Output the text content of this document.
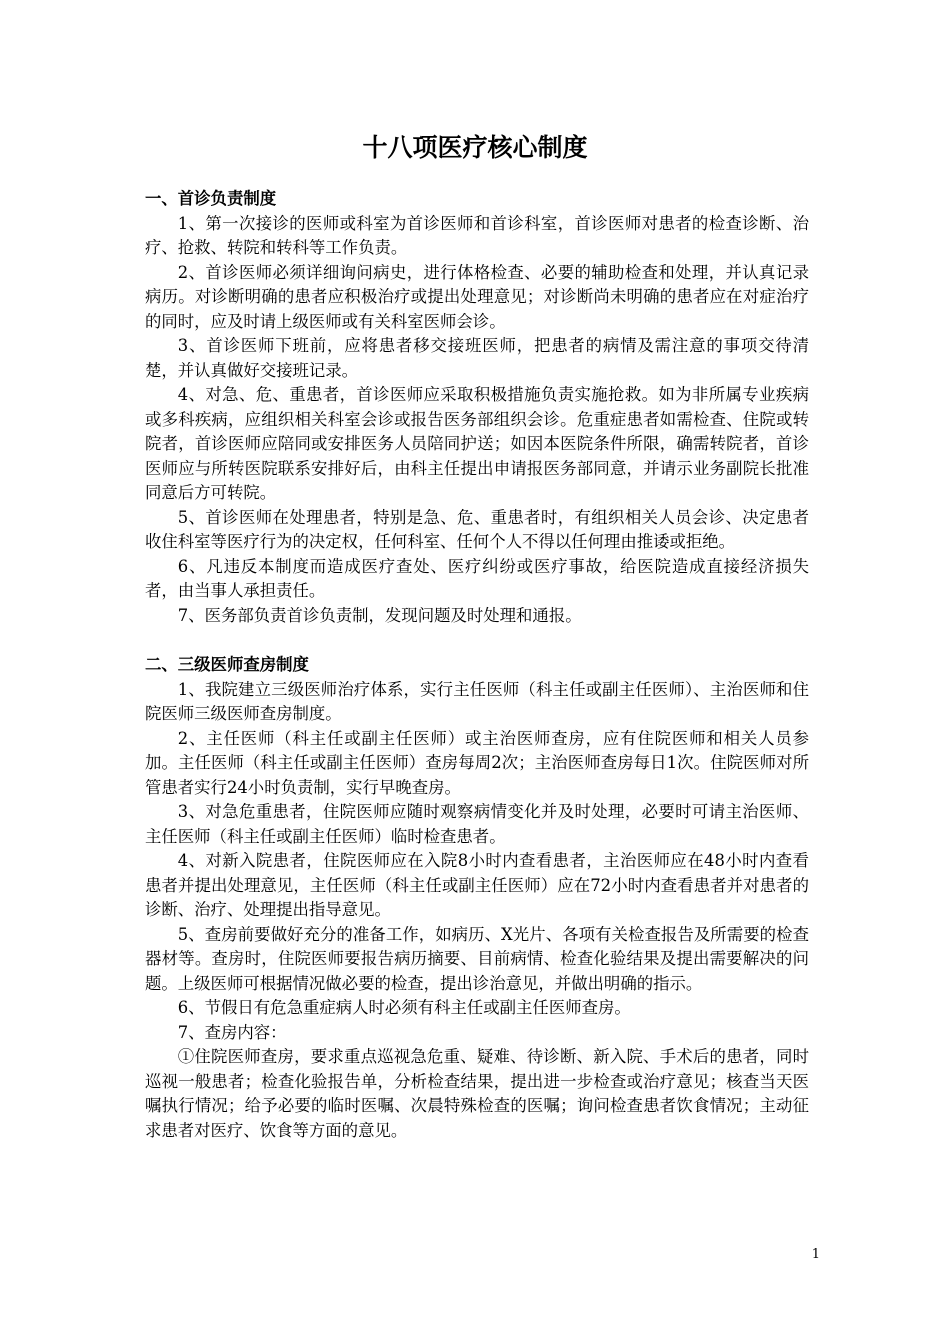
十八项医疗核心制度
一、首诊负责制度

1、第一次接诊的医师或科室为首诊医师和首诊科室，首诊医师对患者的检查诊断、治疗、抢救、转院和转科等工作负责。

2、首诊医师必须详细询问病史，进行体格检查、必要的辅助检查和处理，并认真记录病历。对诊断明确的患者应积极治疗或提出处理意见；对诊断尚未明确的患者应在对症治疗的同时，应及时请上级医师或有关科室医师会诊。

3、首诊医师下班前，应将患者移交接班医师，把患者的病情及需注意的事项交待清楚，并认真做好交接班记录。

4、对急、危、重患者，首诊医师应采取积极措施负责实施抢救。如为非所属专业疾病或多科疾病，应组织相关科室会诊或报告医务部组织会诊。危重症患者如需检查、住院或转院者，首诊医师应陪同或安排医务人员陪同护送；如因本医院条件所限，确需转院者，首诊医师应与所转医院联系安排好后，由科主任提出申请报医务部同意，并请示业务副院长批准同意后方可转院。

5、首诊医师在处理患者，特别是急、危、重患者时，有组织相关人员会诊、决定患者收住科室等医疗行为的决定权，任何科室、任何个人不得以任何理由推诿或拒绝。

6、凡违反本制度而造成医疗查处、医疗纠纷或医疗事故，给医院造成直接经济损失者，由当事人承担责任。

7、医务部负责首诊负责制，发现问题及时处理和通报。

二、三级医师查房制度

1、我院建立三级医师治疗体系，实行主任医师（科主任或副主任医师）、主治医师和住院医师三级医师查房制度。

2、主任医师（科主任或副主任医师）或主治医师查房，应有住院医师和相关人员参加。主任医师（科主任或副主任医师）查房每周2次；主治医师查房每日1次。住院医师对所管患者实行24小时负责制，实行早晚查房。

3、对急危重患者，住院医师应随时观察病情变化并及时处理，必要时可请主治医师、主任医师（科主任或副主任医师）临时检查患者。

4、对新入院患者，住院医师应在入院8小时内查看患者，主治医师应在48小时内查看患者并提出处理意见，主任医师（科主任或副主任医师）应在72小时内查看患者并对患者的诊断、治疗、处理提出指导意见。

5、查房前要做好充分的准备工作，如病历、X光片、各项有关检查报告及所需要的检查器材等。查房时，住院医师要报告病历摘要、目前病情、检查化验结果及提出需要解决的问题。上级医师可根据情况做必要的检查，提出诊治意见，并做出明确的指示。

6、节假日有危急重症病人时必须有科主任或副主任医师查房。

7、查房内容：

①住院医师查房，要求重点巡视急危重、疑难、待诊断、新入院、手术后的患者，同时巡视一般患者；检查化验报告单，分析检查结果，提出进一步检查或治疗意见；核查当天医嘱执行情况；给予必要的临时医嘱、次晨特殊检查的医嘱；询问检查患者饮食情况；主动征求患者对医疗、饮食等方面的意见。

1
